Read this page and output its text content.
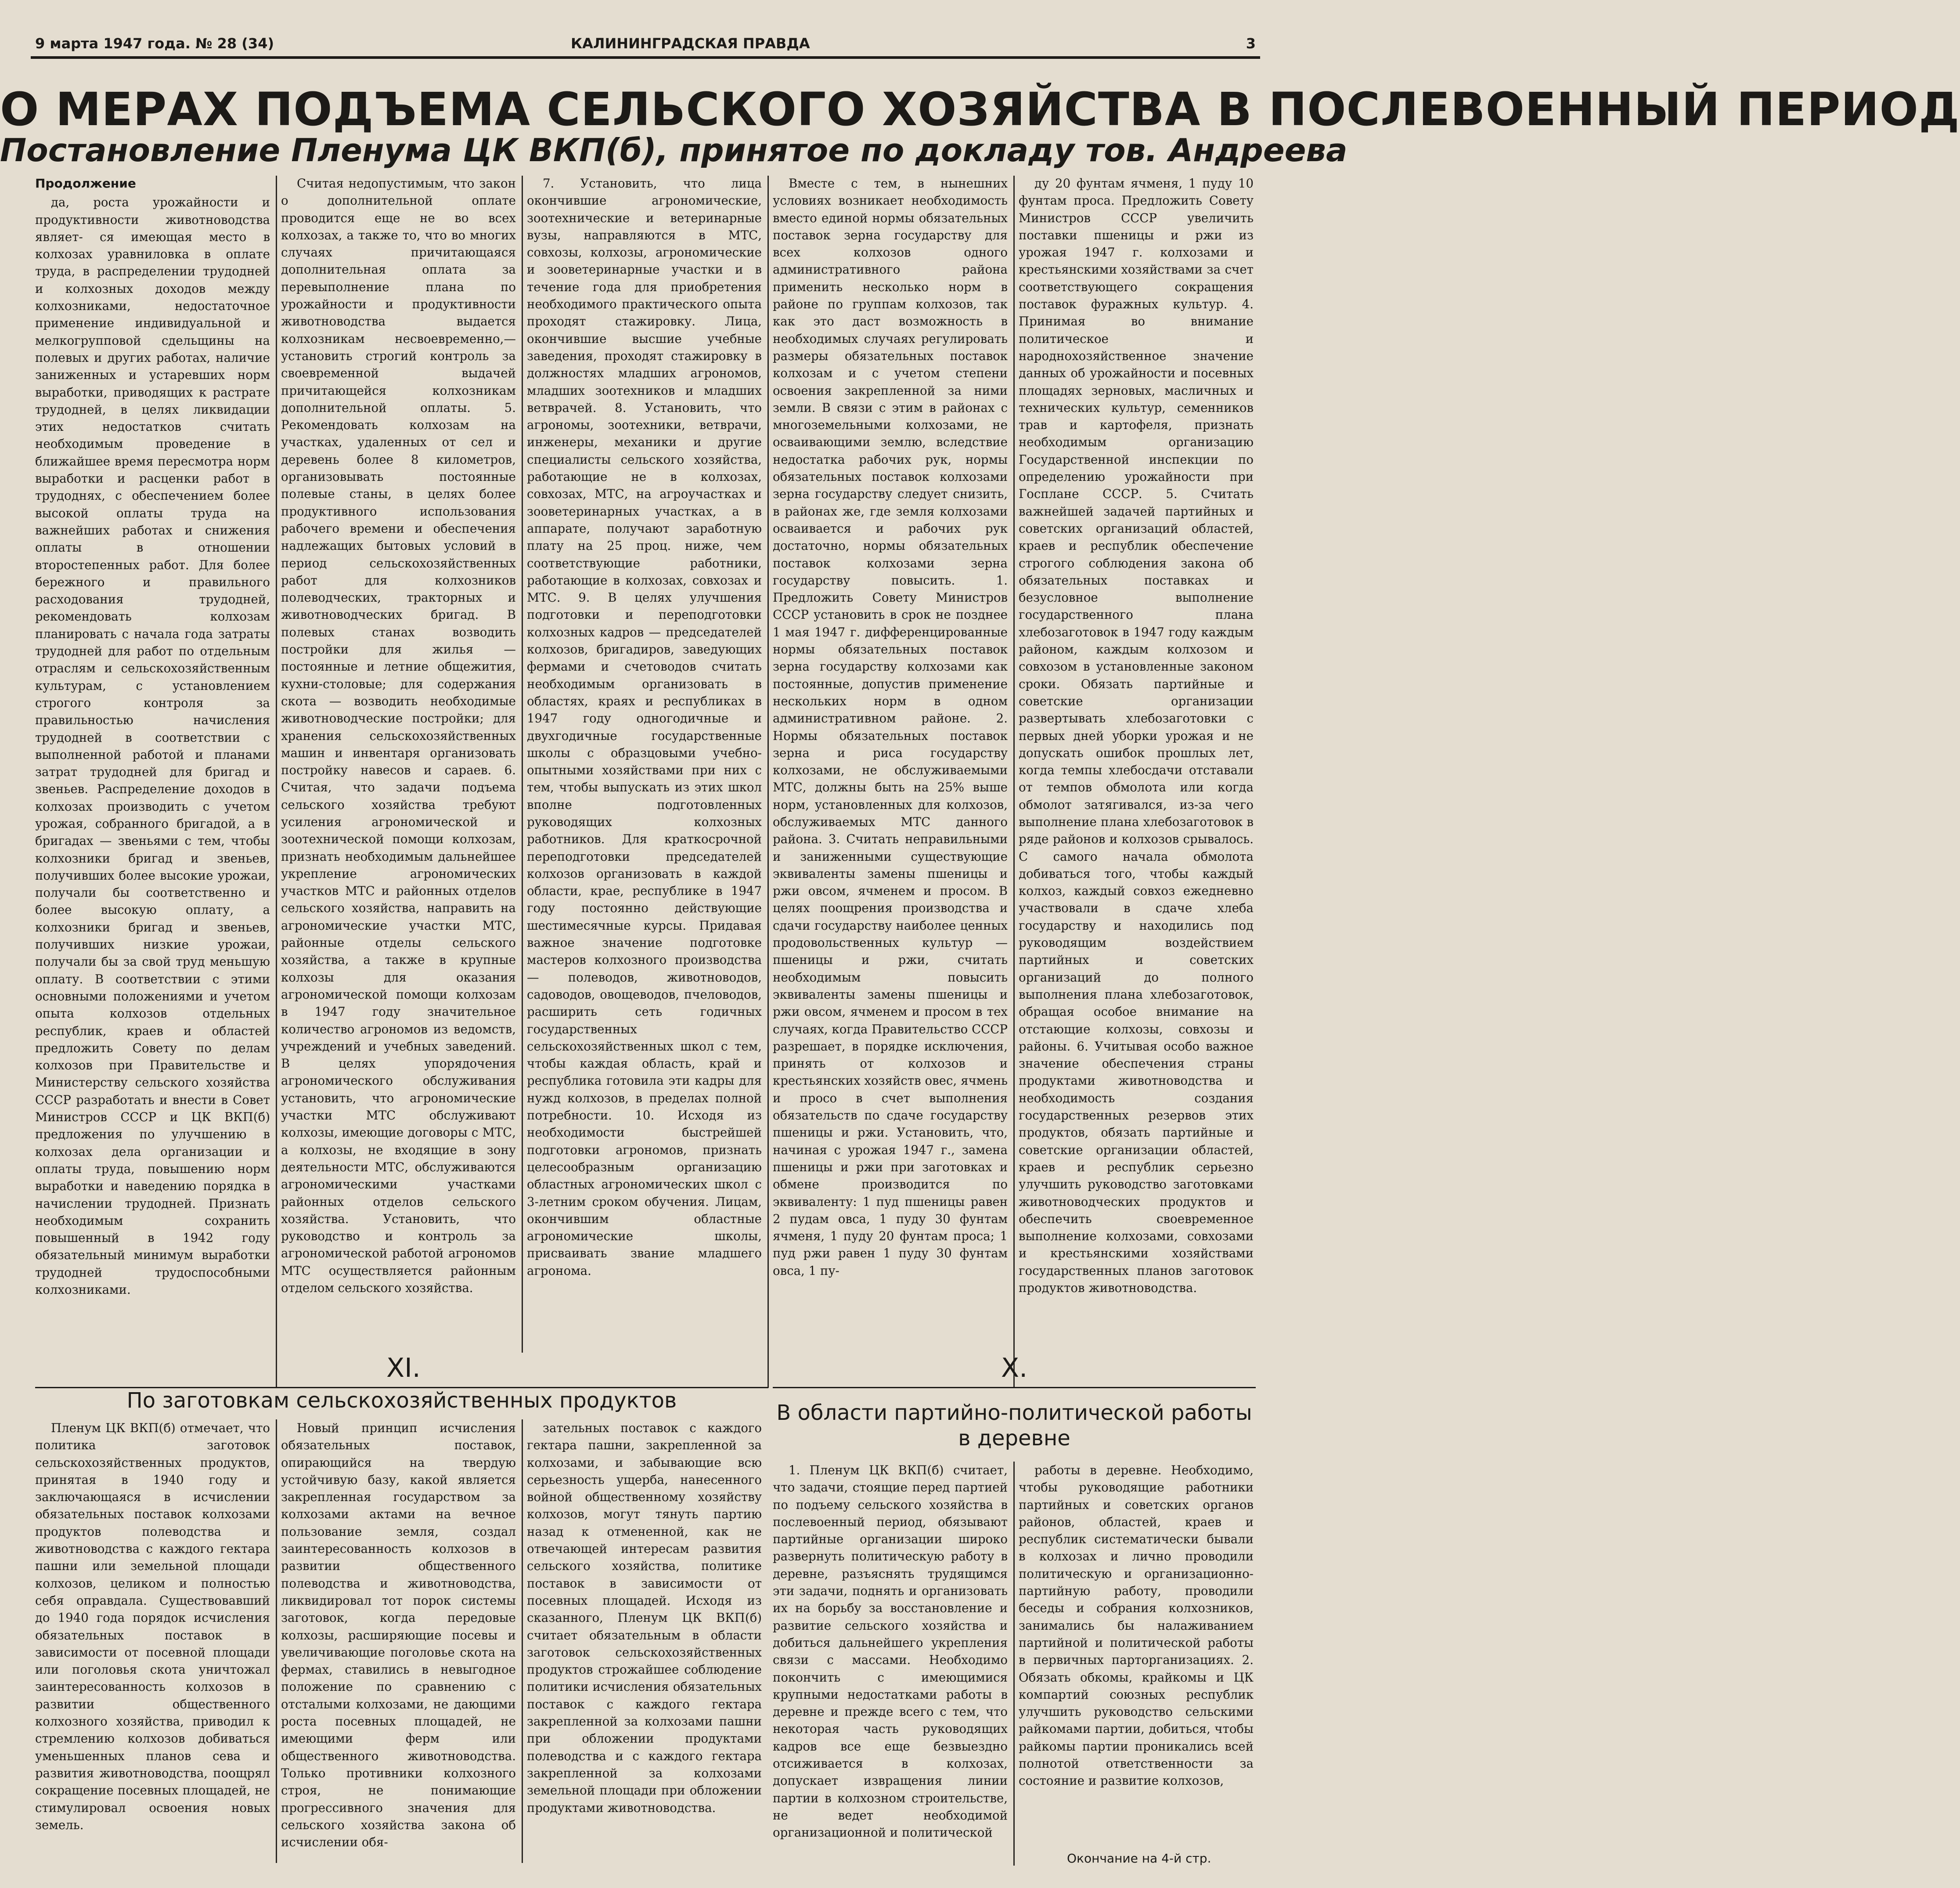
9 марта 1947 года. № 28 (34)	КАЛИНИНГРАДСКАЯ ПРАВДА	3
О МЕРАХ ПОДЪЕМА СЕЛЬСКОГО ХОЗЯЙСТВА В ПОСЛЕВОЕННЫЙ ПЕРИОД
Постановление Пленума ЦК ВКП(б), принятое по докладу тов. Андреева

Продолжение

да, роста урожайности и продуктивности животноводства являет- ся имеющая место в колхозах уравниловка в оплате труда, в распределении трудодней и колхозных доходов между колхозниками, недостаточное применение индивидуальной и мелкогрупповой сдельщины на полевых и других работах, наличие заниженных и устаревших норм выработки, приводящих к растрате трудодней, в целях ликвидации этих недостатков считать необходимым проведение в ближайшее время пересмотра норм выработки и расценки работ в трудоднях, с обеспечением более высокой оплаты труда на важнейших работах и снижения оплаты в отношении второстепенных работ. Для более бережного и правильного расходования трудодней, рекомендовать колхозам планировать с начала года затраты трудодней для работ по отдельным отраслям и сельскохозяйственным культурам, с установлением строгого контроля за правильностью начисления трудодней в соответствии с выполненной работой и планами затрат трудодней для бригад и звеньев. Распределение доходов в колхозах производить с учетом урожая, собранного бригадой, а в бригадах — звеньями с тем, чтобы колхозники бригад и звеньев, получивших более высокие урожаи, получали бы соответственно и более высокую оплату, а колхозники бригад и звеньев, получивших низкие урожаи, получали бы за свой труд меньшую оплату. В соответствии с этими основными положениями и учетом опыта колхозов отдельных республик, краев и областей предложить Совету по делам колхозов при Правительстве и Министерству сельского хозяйства СССР разработать и внести в Совет Министров СССР и ЦК ВКП(б) предложения по улучшению в колхозах дела организации и оплаты труда, повышению норм выработки и наведению порядка в начислении трудодней. Признать необходимым сохранить повышенный в 1942 году обязательный минимум выработки трудодней трудоспособными колхозниками.

Считая недопустимым, что закон о дополнительной оплате проводится еще не во всех колхозах, а также то, что во многих случаях причитающаяся дополнительная оплата за перевыполнение плана по урожайности и продуктивности животноводства выдается колхозникам несвоевременно,— установить строгий контроль за своевременной выдачей причитающейся колхозникам дополнительной оплаты. 5. Рекомендовать колхозам на участках, удаленных от сел и деревень более 8 километров, организовывать постоянные полевые станы, в целях более продуктивного использования рабочего времени и обеспечения надлежащих бытовых условий в период сельскохозяйственных работ для колхозников полеводческих, тракторных и животноводческих бригад. В полевых станах возводить постройки для жилья — постоянные и летние общежития, кухни-столовые; для содержания скота — возводить необходимые животноводческие постройки; для хранения сельскохозяйственных машин и инвентаря организовать постройку навесов и сараев. 6. Считая, что задачи подъема сельского хозяйства требуют усиления агрономической и зоотехнической помощи колхозам, признать необходимым дальнейшее укрепление агрономических участков МТС и районных отделов сельского хозяйства, направить на агрономические участки МТС, районные отделы сельского хозяйства, а также в крупные колхозы для оказания агрономической помощи колхозам в 1947 году значительное количество агрономов из ведомств, учреждений и учебных заведений. В целях упорядочения агрономического обслуживания установить, что агрономические участки МТС обслуживают колхозы, имеющие договоры с МТС, а колхозы, не входящие в зону деятельности МТС, обслуживаются агрономическими участками районных отделов сельского хозяйства. Установить, что руководство и контроль за агрономической работой агрономов МТС осуществляется районным отделом сельского хозяйства.

7. Установить, что лица окончившие агрономические, зоотехнические и ветеринарные вузы, направляются в МТС, совхозы, колхозы, агрономические и зооветеринарные участки и в течение года для приобретения необходимого практического опыта проходят стажировку. Лица, окончившие высшие учебные заведения, проходят стажировку в должностях младших агрономов, младших зоотехников и младших ветврачей. 8. Установить, что агрономы, зоотехники, ветврачи, инженеры, механики и другие специалисты сельского хозяйства, работающие не в колхозах, совхозах, МТС, на агроучастках и зооветеринарных участках, а в аппарате, получают заработную плату на 25 проц. ниже, чем соответствующие работники, работающие в колхозах, совхозах и МТС. 9. В целях улучшения подготовки и переподготовки колхозных кадров — председателей колхозов, бригадиров, заведующих фермами и счетоводов считать необходимым организовать в областях, краях и республиках в 1947 году одногодичные и двухгодичные государственные школы с образцовыми учебно-опытными хозяйствами при них с тем, чтобы выпускать из этих школ вполне подготовленных руководящих колхозных работников. Для краткосрочной переподготовки председателей колхозов организовать в каждой области, крае, республике в 1947 году постоянно действующие шестимесячные курсы. Придавая важное значение подготовке мастеров колхозного производства — полеводов, животноводов, садоводов, овощеводов, пчеловодов, расширить сеть годичных государственных сельскохозяйственных школ с тем, чтобы каждая область, край и республика готовила эти кадры для нужд колхозов, в пределах полной потребности. 10. Исходя из необходимости быстрейшей подготовки агрономов, признать целесообразным организацию областных агрономических школ с 3-летним сроком обучения. Лицам, окончившим областные агрономические школы, присваивать звание младшего агронома.

Вместе с тем, в нынешних условиях возникает необходимость вместо единой нормы обязательных поставок зерна государству для всех колхозов одного административного района применить несколько норм в районе по группам колхозов, так как это даст возможность в необходимых случаях регулировать размеры обязательных поставок колхозам и с учетом степени освоения закрепленной за ними земли. В связи с этим в районах с многоземельными колхозами, не осваивающими землю, вследствие недостатка рабочих рук, нормы обязательных поставок колхозами зерна государству следует снизить, в районах же, где земля колхозами осваивается и рабочих рук достаточно, нормы обязательных поставок колхозами зерна государству повысить. 1. Предложить Совету Министров СССР установить в срок не позднее 1 мая 1947 г. дифференцированные нормы обязательных поставок зерна государству колхозами как постоянные, допустив применение нескольких норм в одном административном районе. 2. Нормы обязательных поставок зерна и риса государству колхозами, не обслуживаемыми МТС, должны быть на 25% выше норм, установленных для колхозов, обслуживаемых МТС данного района. 3. Считать неправильными и заниженными существующие эквиваленты замены пшеницы и ржи овсом, ячменем и просом. В целях поощрения производства и сдачи государству наиболее ценных продовольственных культур — пшеницы и ржи, считать необходимым повысить эквиваленты замены пшеницы и ржи овсом, ячменем и просом в тех случаях, когда Правительство СССР разрешает, в порядке исключения, принять от колхозов и крестьянских хозяйств овес, ячмень и просо в счет выполнения обязательств по сдаче государству пшеницы и ржи. Установить, что, начиная с урожая 1947 г., замена пшеницы и ржи при заготовках и обмене производится по эквиваленту: 1 пуд пшеницы равен 2 пудам овса, 1 пуду 30 фунтам ячменя, 1 пуду 20 фунтам проса; 1 пуд ржи равен 1 пуду 30 фунтам овса, 1 пу-

ду 20 фунтам ячменя, 1 пуду 10 фунтам проса. Предложить Совету Министров СССР увеличить поставки пшеницы и ржи из урожая 1947 г. колхозами и крестьянскими хозяйствами за счет соответствующего сокращения поставок фуражных культур. 4. Принимая во внимание политическое и народнохозяйственное значение данных об урожайности и посевных площадях зерновых, масличных и технических культур, семенников трав и картофеля, признать необходимым организацию Государственной инспекции по определению урожайности при Госплане СССР. 5. Считать важнейшей задачей партийных и советских организаций областей, краев и республик обеспечение строгого соблюдения закона об обязательных поставках и безусловное выполнение государственного плана хлебозаготовок в 1947 году каждым районом, каждым колхозом и совхозом в установленные законом сроки. Обязать партийные и советские организации развертывать хлебозаготовки с первых дней уборки урожая и не допускать ошибок прошлых лет, когда темпы хлебосдачи отставали от темпов обмолота или когда обмолот затягивался, из-за чего выполнение плана хлебозаготовок в ряде районов и колхозов срывалось. С самого начала обмолота добиваться того, чтобы каждый колхоз, каждый совхоз ежедневно участвовали в сдаче хлеба государству и находились под руководящим воздействием партийных и советских организаций до полного выполнения плана хлебозаготовок, обращая особое внимание на отстающие колхозы, совхозы и районы. 6. Учитывая особо важное значение обеспечения страны продуктами животноводства и необходимость создания государственных резервов этих продуктов, обязать партийные и советские организации областей, краев и республик серьезно улучшить руководство заготовками животноводческих продуктов и обеспечить своевременное выполнение колхозами, совхозами и крестьянскими хозяйствами государственных планов заготовок продуктов животноводства.

XI.
По заготовкам сельскохозяйственных продуктов

Пленум ЦК ВКП(б) отмечает, что политика заготовок сельскохозяйственных продуктов, принятая в 1940 году и заключающаяся в исчислении обязательных поставок колхозами продуктов полеводства и животноводства с каждого гектара пашни или земельной площади колхозов, целиком и полностью себя оправдала. Существовавший до 1940 года порядок исчисления обязательных поставок в зависимости от посевной площади или поголовья скота уничтожал заинтересованность колхозов в развитии общественного колхозного хозяйства, приводил к стремлению колхозов добиваться уменьшенных планов сева и развития животноводства, поощрял сокращение посевных площадей, не стимулировал освоения новых земель.

Новый принцип исчисления обязательных поставок, опирающийся на твердую устойчивую базу, какой является закрепленная государством за колхозами актами на вечное пользование земля, создал заинтересованность колхозов в развитии общественного полеводства и животноводства, ликвидировал тот порок системы заготовок, когда передовые колхозы, расширяющие посевы и увеличивающие поголовье скота на фермах, ставились в невыгодное положение по сравнению с отсталыми колхозами, не дающими роста посевных площадей, не имеющими ферм или общественного животноводства. Только противники колхозного строя, не понимающие прогрессивного значения для сельского хозяйства закона об исчислении обя-

зательных поставок с каждого гектара пашни, закрепленной за колхозами, и забывающие всю серьезность ущерба, нанесенного войной общественному хозяйству колхозов, могут тянуть партию назад к отмененной, как не отвечающей интересам развития сельского хозяйства, политике поставок в зависимости от посевных площадей. Исходя из сказанного, Пленум ЦК ВКП(б) считает обязательным в области заготовок сельскохозяйственных продуктов строжайшее соблюдение политики исчисления обязательных поставок с каждого гектара закрепленной за колхозами пашни при обложении продуктами полеводства и с каждого гектара закрепленной за колхозами земельной площади при обложении продуктами животноводства.

X.
В области партийно-политической работы в деревне

1. Пленум ЦК ВКП(б) считает, что задачи, стоящие перед партией по подъему сельского хозяйства в послевоенный период, обязывают партийные организации широко развернуть политическую работу в деревне, разъяснять трудящимся эти задачи, поднять и организовать их на борьбу за восстановление и развитие сельского хозяйства и добиться дальнейшего укрепления связи с массами. Необходимо покончить с имеющимися крупными недостатками работы в деревне и прежде всего с тем, что некоторая часть руководящих кадров все еще безвыездно отсиживается в колхозах, допускает извращения линии партии в колхозном строительстве, не ведет необходимой организационной и политической

работы в деревне. Необходимо, чтобы руководящие работники партийных и советских органов районов, областей, краев и республик систематически бывали в колхозах и лично проводили политическую и организационно-партийную работу, проводили беседы и собрания колхозников, занимались бы налаживанием партийной и политической работы в первичных парторганизациях. 2. Обязать обкомы, крайкомы и ЦК компартий союзных республик улучшить руководство сельскими райкомами партии, добиться, чтобы райкомы партии проникались всей полнотой ответственности за состояние и развитие колхозов,

Окончание на 4-й стр.
